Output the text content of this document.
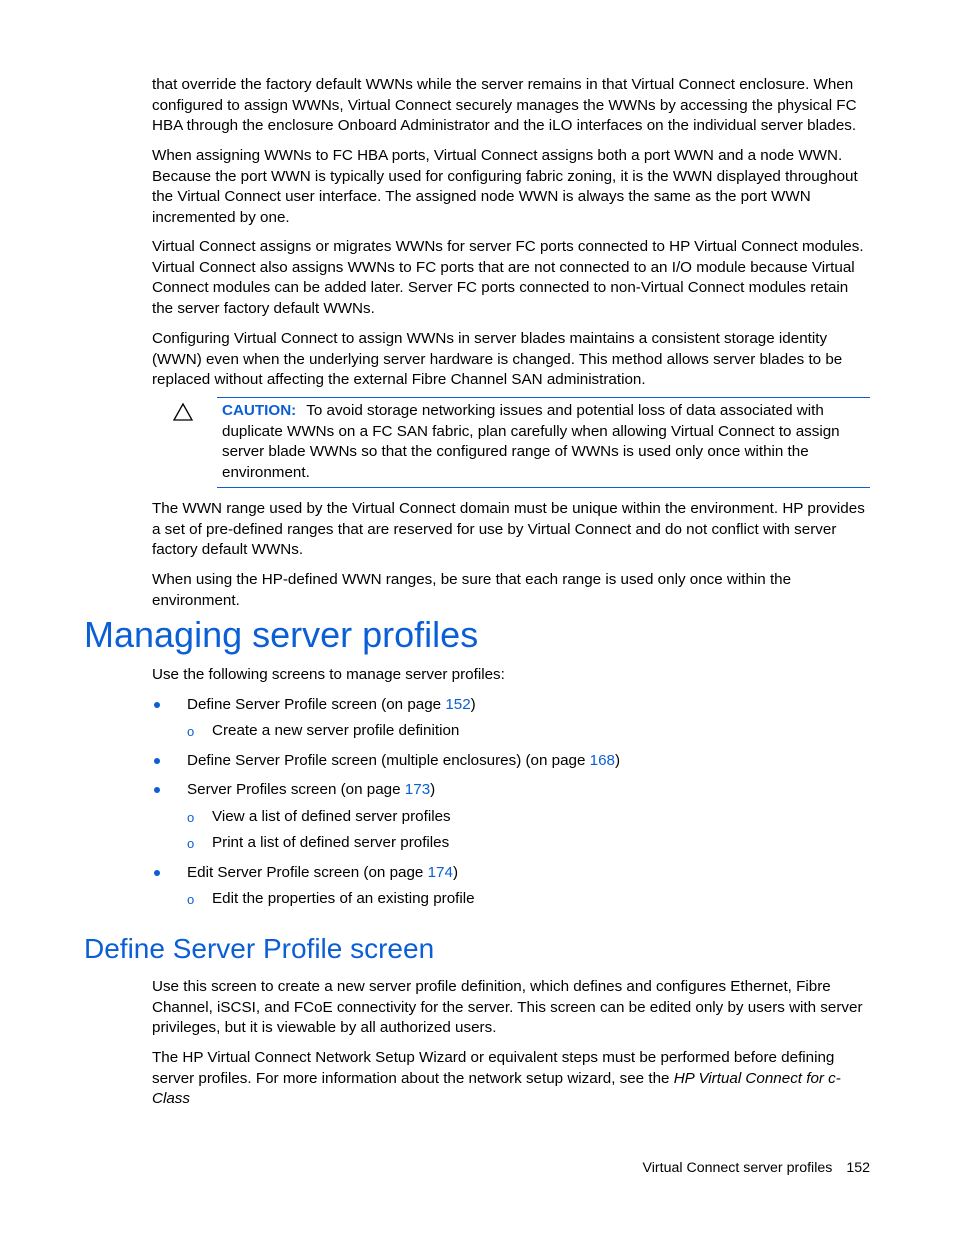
that override the factory default WWNs while the server remains in that Virtual Connect enclosure. When configured to assign WWNs, Virtual Connect securely manages the WWNs by accessing the physical FC HBA through the enclosure Onboard Administrator and the iLO interfaces on the individual server blades.

When assigning WWNs to FC HBA ports, Virtual Connect assigns both a port WWN and a node WWN. Because the port WWN is typically used for configuring fabric zoning, it is the WWN displayed throughout the Virtual Connect user interface. The assigned node WWN is always the same as the port WWN incremented by one.

Virtual Connect assigns or migrates WWNs for server FC ports connected to HP Virtual Connect modules. Virtual Connect also assigns WWNs to FC ports that are not connected to an I/O module because Virtual Connect modules can be added later. Server FC ports connected to non-Virtual Connect modules retain the server factory default WWNs.

Configuring Virtual Connect to assign WWNs in server blades maintains a consistent storage identity (WWN) even when the underlying server hardware is changed. This method allows server blades to be replaced without affecting the external Fibre Channel SAN administration.

CAUTION: To avoid storage networking issues and potential loss of data associated with duplicate WWNs on a FC SAN fabric, plan carefully when allowing Virtual Connect to assign server blade WWNs so that the configured range of WWNs is used only once within the environment.

The WWN range used by the Virtual Connect domain must be unique within the environment. HP provides a set of pre-defined ranges that are reserved for use by Virtual Connect and do not conflict with server factory default WWNs.

When using the HP-defined WWN ranges, be sure that each range is used only once within the environment.

Managing server profiles

Use the following screens to manage server profiles:

Define Server Profile screen (on page 152)

o Create a new server profile definition

Define Server Profile screen (multiple enclosures) (on page 168)

Server Profiles screen (on page 173)

o View a list of defined server profiles

o Print a list of defined server profiles

Edit Server Profile screen (on page 174)

o Edit the properties of an existing profile

Define Server Profile screen

Use this screen to create a new server profile definition, which defines and configures Ethernet, Fibre Channel, iSCSI, and FCoE connectivity for the server. This screen can be edited only by users with server privileges, but it is viewable by all authorized users.

The HP Virtual Connect Network Setup Wizard or equivalent steps must be performed before defining server profiles. For more information about the network setup wizard, see the HP Virtual Connect for c-Class

Virtual Connect server profiles 152
